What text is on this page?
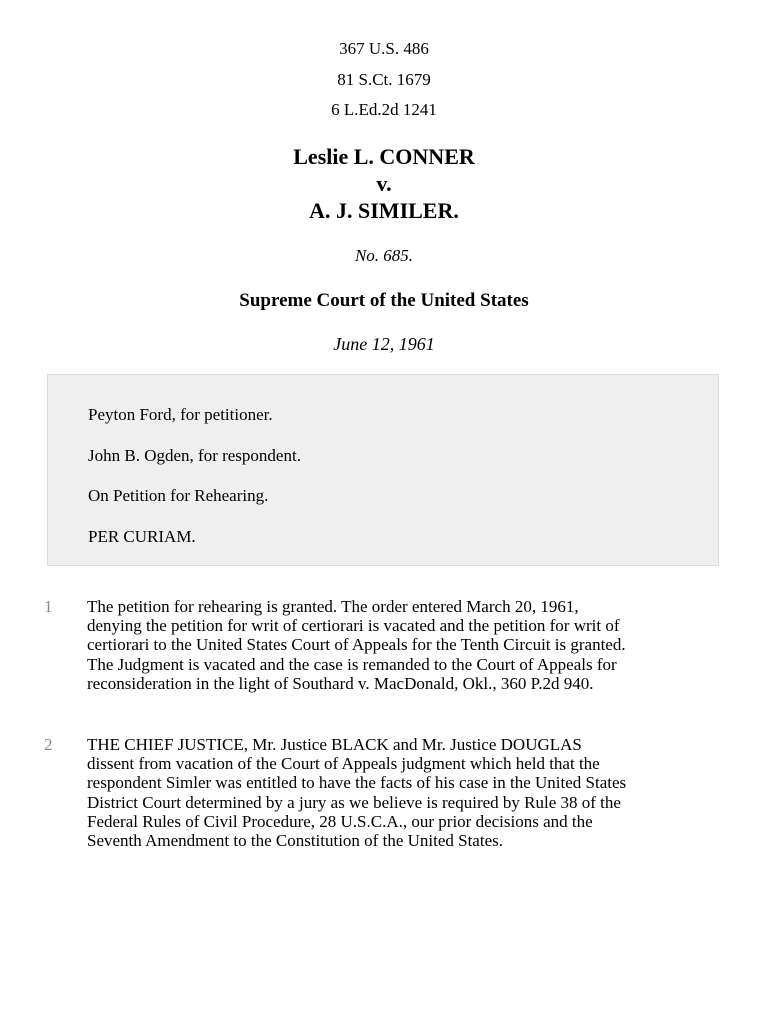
367 U.S. 486
81 S.Ct. 1679
6 L.Ed.2d 1241
Leslie L. CONNER
v.
A. J. SIMILER.
No. 685.
Supreme Court of the United States
June 12, 1961
Peyton Ford, for petitioner.
John B. Ogden, for respondent.
On Petition for Rehearing.
PER CURIAM.
1 The petition for rehearing is granted. The order entered March 20, 1961,
denying the petition for writ of certiorari is vacated and the petition for writ of
certiorari to the United States Court of Appeals for the Tenth Circuit is granted.
The Judgment is vacated and the case is remanded to the Court of Appeals for
reconsideration in the light of Southard v. MacDonald, Okl., 360 P.2d 940.
2 THE CHIEF JUSTICE, Mr. Justice BLACK and Mr. Justice DOUGLAS
dissent from vacation of the Court of Appeals judgment which held that the
respondent Simler was entitled to have the facts of his case in the United States
District Court determined by a jury as we believe is required by Rule 38 of the
Federal Rules of Civil Procedure, 28 U.S.C.A., our prior decisions and the
Seventh Amendment to the Constitution of the United States.
